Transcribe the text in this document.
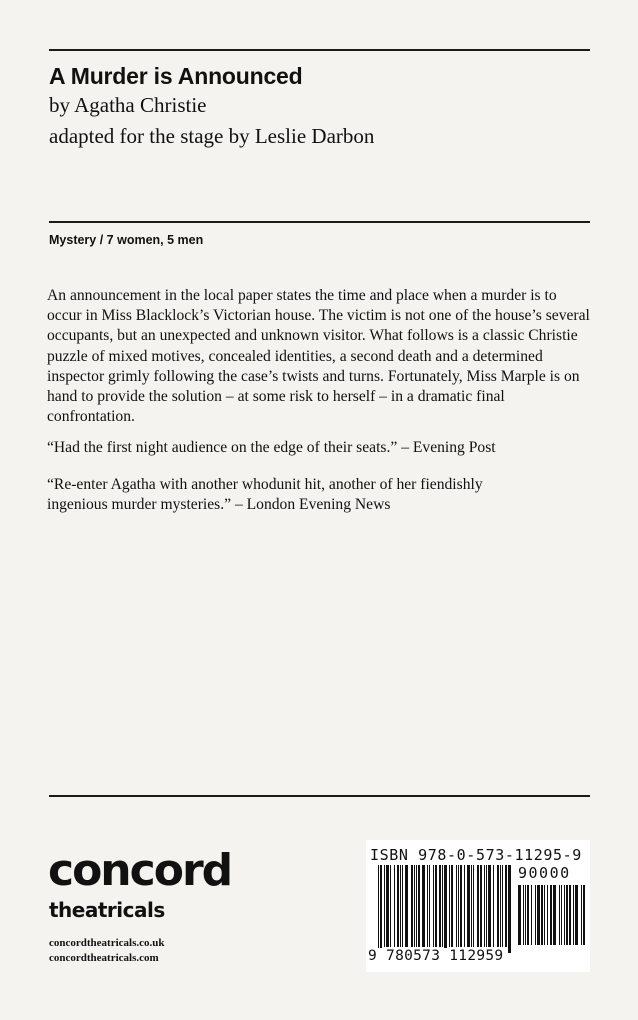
A Murder is Announced
by Agatha Christie
adapted for the stage by Leslie Darbon
Mystery / 7 women, 5 men
An announcement in the local paper states the time and place when a murder is to occur in Miss Blacklock’s Victorian house. The victim is not one of the house’s several occupants, but an unexpected and unknown visitor. What follows is a classic Christie puzzle of mixed motives, concealed identities, a second death and a determined inspector grimly following the case’s twists and turns. Fortunately, Miss Marple is on hand to provide the solution – at some risk to herself – in a dramatic final confrontation.
“Had the first night audience on the edge of their seats.” – Evening Post
“Re-enter Agatha with another whodunit hit, another of her fiendishly ingenious murder mysteries.” – London Evening News
concord
theatricals
concordtheatricals.co.uk
concordtheatricals.com
ISBN 978-0-573-11295-9
90000
9 780573 112959
